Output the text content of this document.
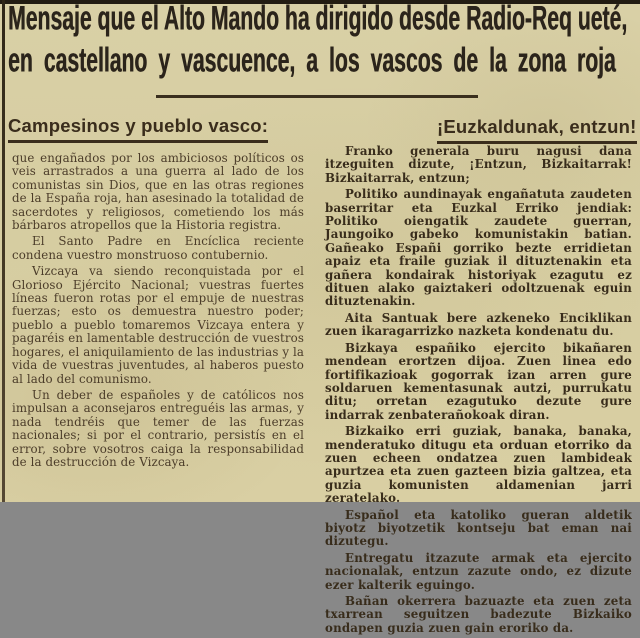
Mensaje que el Alto Mando ha dirigido desde Radio-Req ueté,
en castellano y vascuence, a los vascos de la zona roja
Campesinos y pueblo vasco:	¡Euzkaldunak, entzun!

que engañados por los ambiciosos políticos os veis arrastrados a una guerra al lado de los comunistas sin Dios, que en las otras regiones de la España roja, han asesinado la totalidad de sacerdotes y religiosos, cometiendo los más bárbaros atropellos que la Historia registra.

El Santo Padre en Encíclica reciente condena vuestro monstruoso contubernio.

Vizcaya va siendo reconquistada por el Glorioso Ejército Nacional; vuestras fuertes líneas fueron rotas por el empuje de nuestras fuerzas; esto os demuestra nuestro poder; pueblo a pueblo tomaremos Vizcaya entera y pagaréis en lamentable destrucción de vuestros hogares, el aniquilamiento de las industrias y la vida de vuestras juventudes, al haberos puesto al lado del comunismo.

Un deber de españoles y de católicos nos impulsan a aconsejaros entreguéis las armas, y nada tendréis que temer de las fuerzas nacionales; si por el contrario, persistís en el error, sobre vosotros caiga la responsabilidad de la destrucción de Vizcaya.

Franko generala buru nagusi dana itzeguiten dizute, ¡Entzun, Bizkaitarrak! Bizkaitarrak, entzun;

Politiko aundinayak engañatuta zaudeten baserritar eta Euzkal Erriko jendiak: Politiko oiengatik zaudete guerran, Jaungoiko gabeko komunistakin batian. Gañeako Españi gorriko bezte erridietan apaiz eta fraile guziak il dituztenakin eta gañera kondairak historiyak ezagutu ez dituen alako gaiztakeri odoltzuenak eguin dituztenakin.

Aita Santuak bere azkeneko Enciklikan zuen ikaragarrizko nazketa kondenatu du.

Bizkaya españiko ejercito bikañaren mendean erortzen dijoa. Zuen linea edo fortifikazioak gogorrak izan arren gure soldaruen kementasunak autzi, purrukatu ditu; orretan ezagutuko dezute gure indarrak zenbaterañokoak diran.

Bizkaiko erri guziak, banaka, banaka, menderatuko ditugu eta orduan etorriko da zuen echeen ondatzea zuen lambideak apurtzea eta zuen gazteen bizia galtzea, eta guzia komunisten aldamenian jarri zeratelako.

Español eta katoliko gueran aldetik biyotz biyotzetik kontseju bat eman nai dizutegu.

Entregatu itzazute armak eta ejercito nacionalak, entzun zazute ondo, ez dizute ezer kalterik eguingo.

Bañan okerrera bazuazte eta zuen zeta txarrean seguitzen badezute Bizkaiko ondapen guzia zuen gain eroriko da.
